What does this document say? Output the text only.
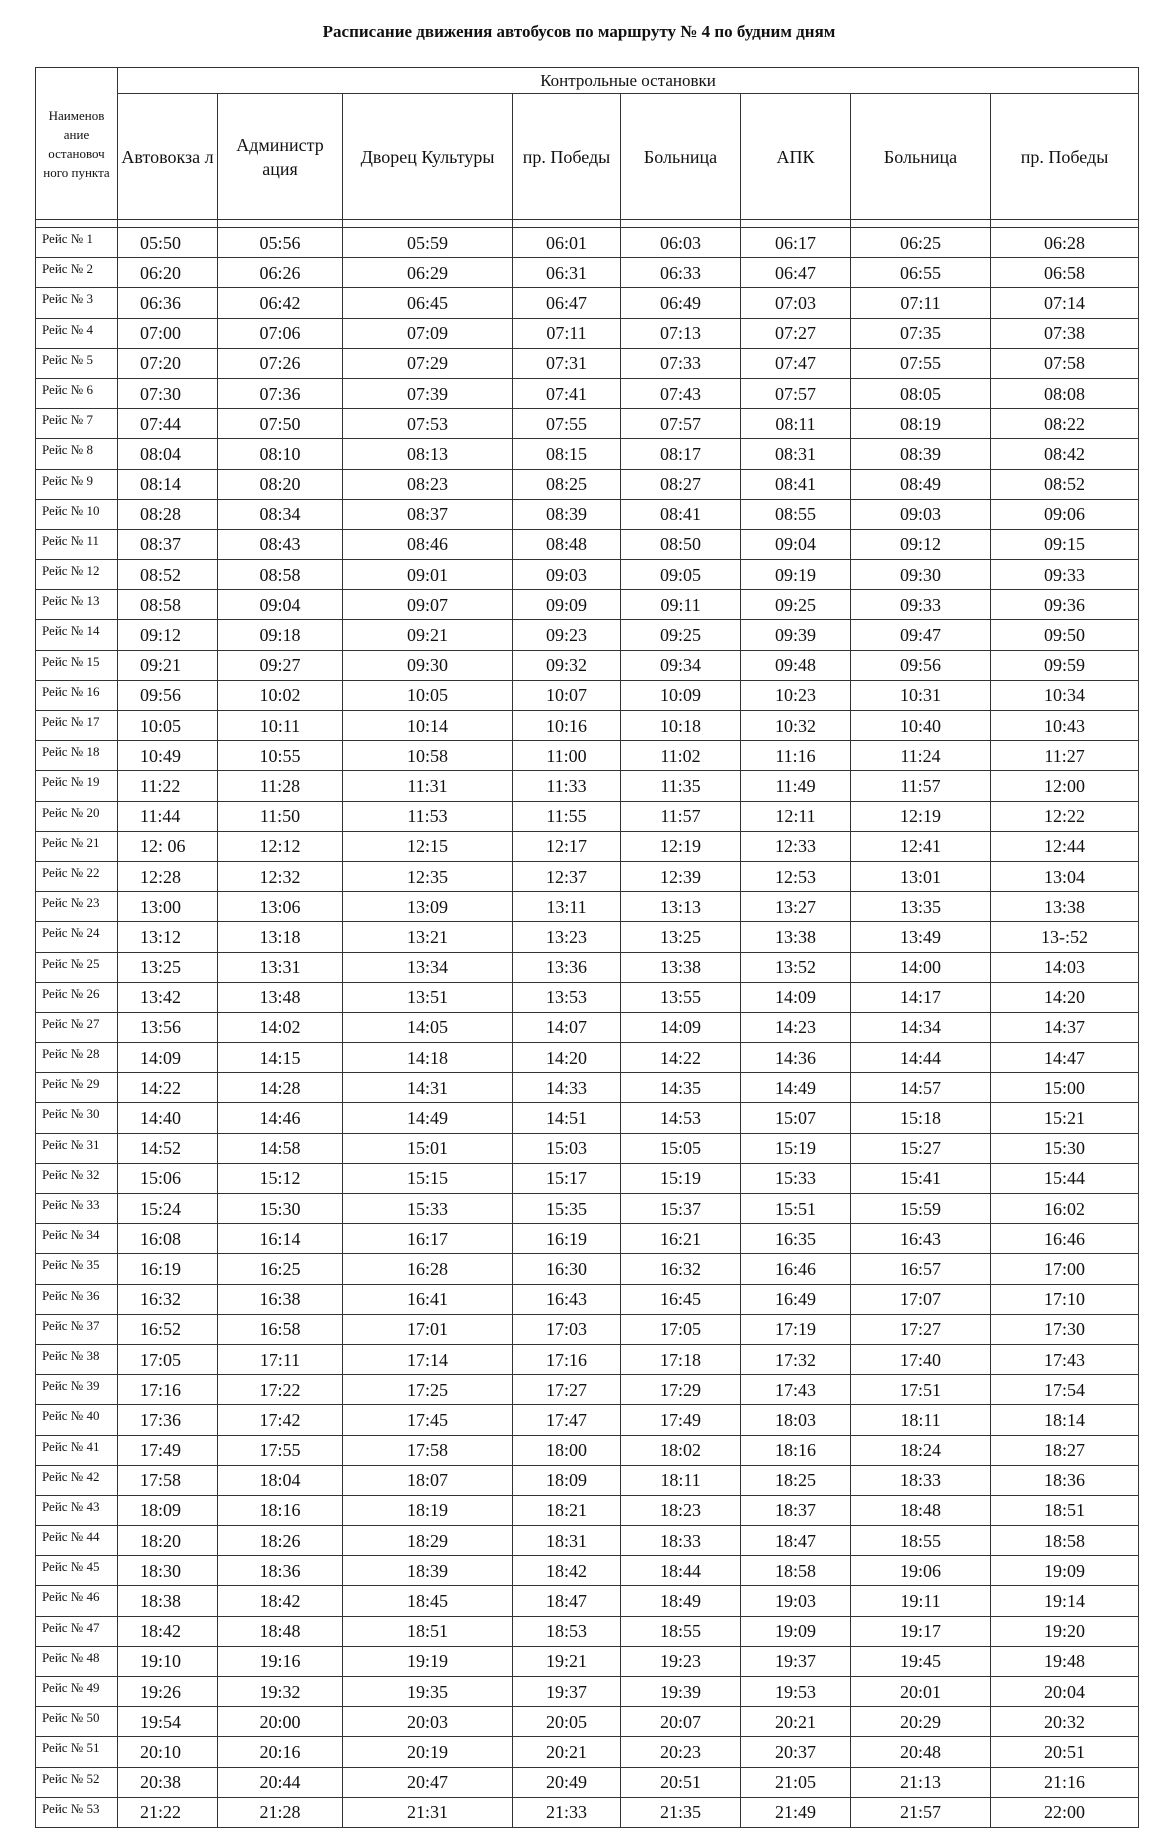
Расписание движения автобусов по маршруту № 4 по будним дням
Наименов ание остановоч ного пункта	Контрольные остановки							
	Автовокза л	Администр ация	Дворец Культуры	пр. Победы	Больница	АПК	Больница	пр. Победы

Рейс № 1	05:50	05:56	05:59	06:01	06:03	06:17	06:25	06:28
Рейс № 2	06:20	06:26	06:29	06:31	06:33	06:47	06:55	06:58
Рейс № 3	06:36	06:42	06:45	06:47	06:49	07:03	07:11	07:14
Рейс № 4	07:00	07:06	07:09	07:11	07:13	07:27	07:35	07:38
Рейс № 5	07:20	07:26	07:29	07:31	07:33	07:47	07:55	07:58
Рейс № 6	07:30	07:36	07:39	07:41	07:43	07:57	08:05	08:08
Рейс № 7	07:44	07:50	07:53	07:55	07:57	08:11	08:19	08:22
Рейс № 8	08:04	08:10	08:13	08:15	08:17	08:31	08:39	08:42
Рейс № 9	08:14	08:20	08:23	08:25	08:27	08:41	08:49	08:52
Рейс № 10	08:28	08:34	08:37	08:39	08:41	08:55	09:03	09:06
Рейс № 11	08:37	08:43	08:46	08:48	08:50	09:04	09:12	09:15
Рейс № 12	08:52	08:58	09:01	09:03	09:05	09:19	09:30	09:33
Рейс № 13	08:58	09:04	09:07	09:09	09:11	09:25	09:33	09:36
Рейс № 14	09:12	09:18	09:21	09:23	09:25	09:39	09:47	09:50
Рейс № 15	09:21	09:27	09:30	09:32	09:34	09:48	09:56	09:59
Рейс № 16	09:56	10:02	10:05	10:07	10:09	10:23	10:31	10:34
Рейс № 17	10:05	10:11	10:14	10:16	10:18	10:32	10:40	10:43
Рейс № 18	10:49	10:55	10:58	11:00	11:02	11:16	11:24	11:27
Рейс № 19	11:22	11:28	11:31	11:33	11:35	11:49	11:57	12:00
Рейс № 20	11:44	11:50	11:53	11:55	11:57	12:11	12:19	12:22
Рейс № 21	12: 06	12:12	12:15	12:17	12:19	12:33	12:41	12:44
Рейс № 22	12:28	12:32	12:35	12:37	12:39	12:53	13:01	13:04
Рейс № 23	13:00	13:06	13:09	13:11	13:13	13:27	13:35	13:38
Рейс № 24	13:12	13:18	13:21	13:23	13:25	13:38	13:49	13-:52
Рейс № 25	13:25	13:31	13:34	13:36	13:38	13:52	14:00	14:03
Рейс № 26	13:42	13:48	13:51	13:53	13:55	14:09	14:17	14:20
Рейс № 27	13:56	14:02	14:05	14:07	14:09	14:23	14:34	14:37
Рейс № 28	14:09	14:15	14:18	14:20	14:22	14:36	14:44	14:47
Рейс № 29	14:22	14:28	14:31	14:33	14:35	14:49	14:57	15:00
Рейс № 30	14:40	14:46	14:49	14:51	14:53	15:07	15:18	15:21
Рейс № 31	14:52	14:58	15:01	15:03	15:05	15:19	15:27	15:30
Рейс № 32	15:06	15:12	15:15	15:17	15:19	15:33	15:41	15:44
Рейс № 33	15:24	15:30	15:33	15:35	15:37	15:51	15:59	16:02
Рейс № 34	16:08	16:14	16:17	16:19	16:21	16:35	16:43	16:46
Рейс № 35	16:19	16:25	16:28	16:30	16:32	16:46	16:57	17:00
Рейс № 36	16:32	16:38	16:41	16:43	16:45	16:49	17:07	17:10
Рейс № 37	16:52	16:58	17:01	17:03	17:05	17:19	17:27	17:30
Рейс № 38	17:05	17:11	17:14	17:16	17:18	17:32	17:40	17:43
Рейс № 39	17:16	17:22	17:25	17:27	17:29	17:43	17:51	17:54
Рейс № 40	17:36	17:42	17:45	17:47	17:49	18:03	18:11	18:14
Рейс № 41	17:49	17:55	17:58	18:00	18:02	18:16	18:24	18:27
Рейс № 42	17:58	18:04	18:07	18:09	18:11	18:25	18:33	18:36
Рейс № 43	18:09	18:16	18:19	18:21	18:23	18:37	18:48	18:51
Рейс № 44	18:20	18:26	18:29	18:31	18:33	18:47	18:55	18:58
Рейс № 45	18:30	18:36	18:39	18:42	18:44	18:58	19:06	19:09
Рейс № 46	18:38	18:42	18:45	18:47	18:49	19:03	19:11	19:14
Рейс № 47	18:42	18:48	18:51	18:53	18:55	19:09	19:17	19:20
Рейс № 48	19:10	19:16	19:19	19:21	19:23	19:37	19:45	19:48
Рейс № 49	19:26	19:32	19:35	19:37	19:39	19:53	20:01	20:04
Рейс № 50	19:54	20:00	20:03	20:05	20:07	20:21	20:29	20:32
Рейс № 51	20:10	20:16	20:19	20:21	20:23	20:37	20:48	20:51
Рейс № 52	20:38	20:44	20:47	20:49	20:51	21:05	21:13	21:16
Рейс № 53	21:22	21:28	21:31	21:33	21:35	21:49	21:57	22:00
